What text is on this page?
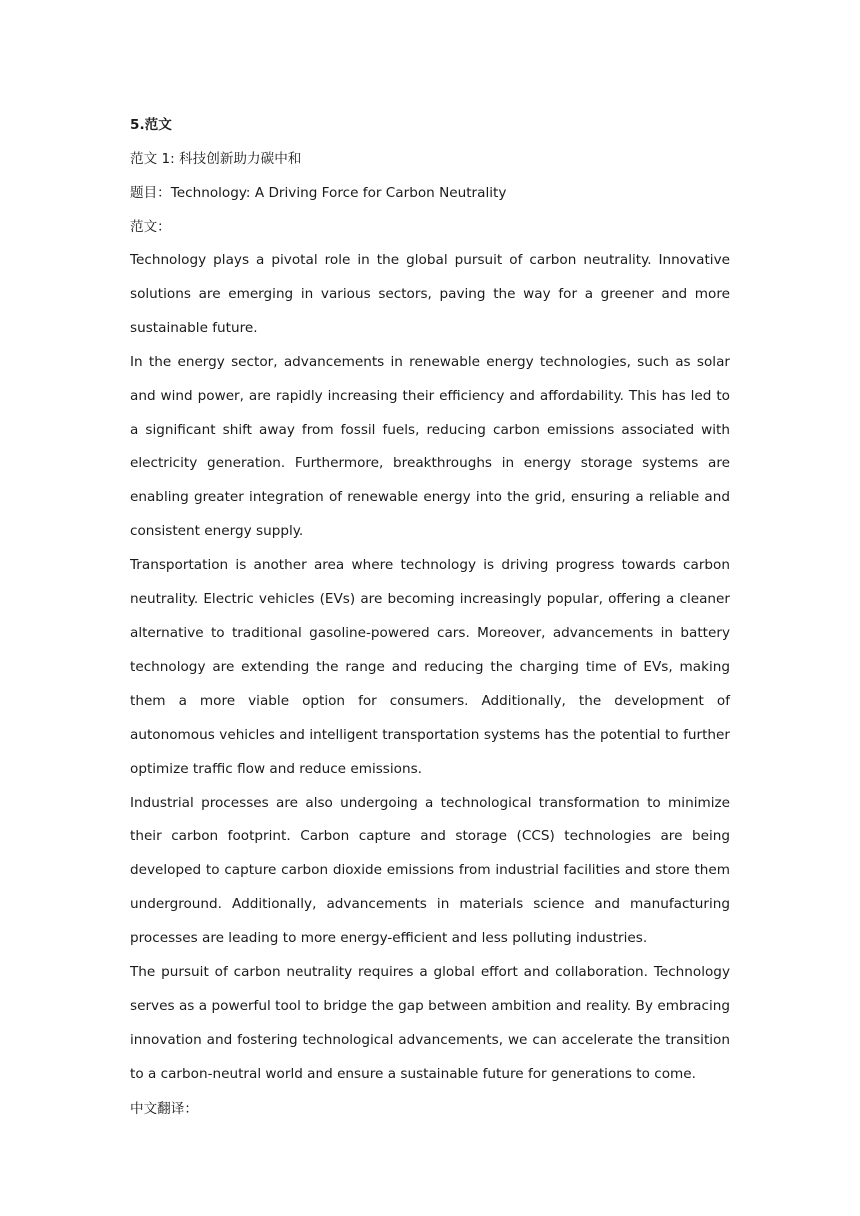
5.范文

范文 1: 科技创新助力碳中和

题目：Technology: A Driving Force for Carbon Neutrality

范文：

Technology plays a pivotal role in the global pursuit of carbon neutrality. Innovative solutions are emerging in various sectors, paving the way for a greener and more sustainable future.

In the energy sector, advancements in renewable energy technologies, such as solar and wind power, are rapidly increasing their efficiency and affordability. This has led to a significant shift away from fossil fuels, reducing carbon emissions associated with electricity generation. Furthermore, breakthroughs in energy storage systems are enabling greater integration of renewable energy into the grid, ensuring a reliable and consistent energy supply.

Transportation is another area where technology is driving progress towards carbon neutrality. Electric vehicles (EVs) are becoming increasingly popular, offering a cleaner alternative to traditional gasoline-powered cars. Moreover, advancements in battery technology are extending the range and reducing the charging time of EVs, making them a more viable option for consumers. Additionally, the development of autonomous vehicles and intelligent transportation systems has the potential to further optimize traffic flow and reduce emissions.

Industrial processes are also undergoing a technological transformation to minimize their carbon footprint. Carbon capture and storage (CCS) technologies are being developed to capture carbon dioxide emissions from industrial facilities and store them underground. Additionally, advancements in materials science and manufacturing processes are leading to more energy-efficient and less polluting industries.

The pursuit of carbon neutrality requires a global effort and collaboration. Technology serves as a powerful tool to bridge the gap between ambition and reality. By embracing innovation and fostering technological advancements, we can accelerate the transition to a carbon-neutral world and ensure a sustainable future for generations to come.

中文翻译：
